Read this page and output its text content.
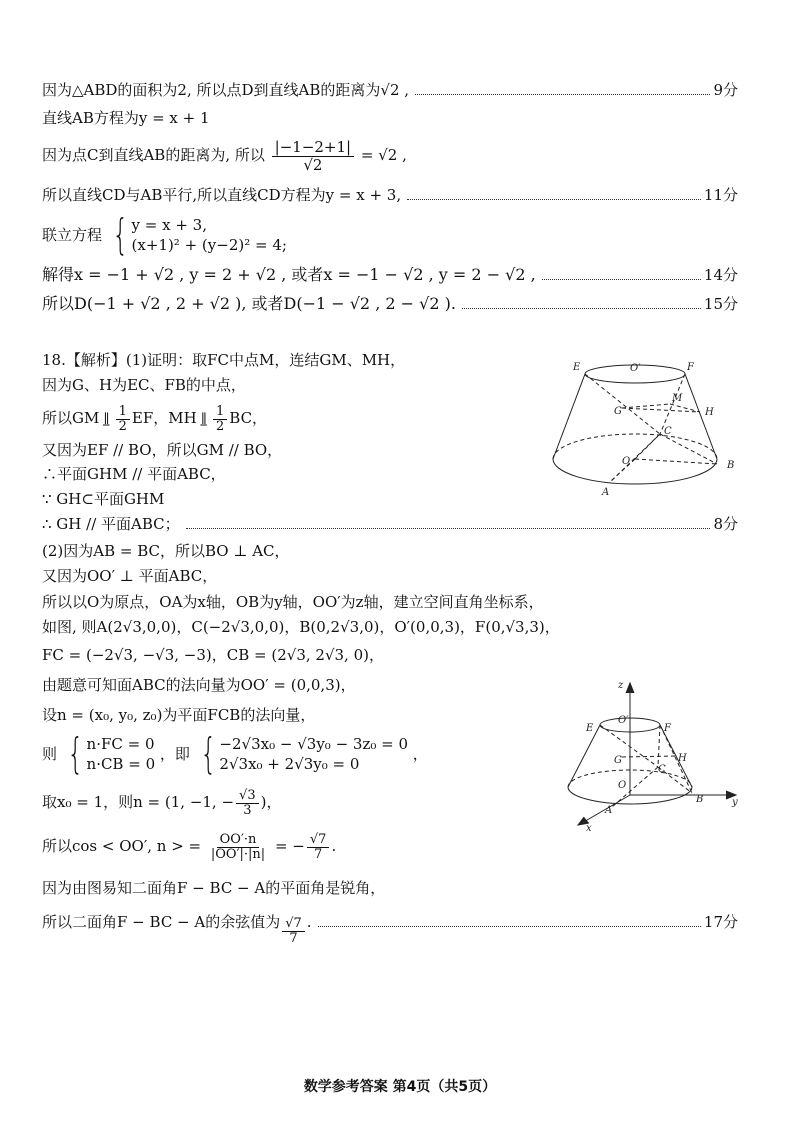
因为△ABD的面积为2, 所以点D到直线AB的距离为√2 ,	9分
直线AB方程为y = x + 1
因为点C到直线AB的距离为, 所以 $\frac{|-1-2+1|}{√2} = √2$ ,
所以直线CD与AB平行,所以直线CD方程为y = x + 3,	11分
联立方程 { y = x + 3,
(x+1)² + (y−2)² = 4;
解得x = −1 + √2 , y = 2 + √2 , 或者x = −1 − √2 , y = 2 − √2 ,	14分
所以D(−1 + √2 , 2 + √2 ), 或者D(−1 − √2 , 2 − √2 ).	15分
18.【解析】(1)证明：取FC中点M，连结GM、MH，
因为G、H为EC、FB的中点，
所以GM ∥̳ $\frac{1}{2}$ EF，MH ∥̳ $\frac{1}{2}$ BC，
又因为EF // BO，所以GM // BO，
∴平面GHM // 平面ABC，
∵ GH⊂平面GHM
∴ GH // 平面ABC；	8分
(2)因为AB = BC，所以BO ⊥ AC，
又因为OO′ ⊥ 平面ABC，
所以以O为原点，OA为x轴，OB为y轴，OO′为z轴，建立空间直角坐标系，
如图, 则A(2√3,0,0)，C(−2√3,0,0)，B(0,2√3,0)，O′(0,0,3)，F(0,√3,3)，
FC = (−2√3, −√3, −3)，CB = (2√3, 2√3, 0)，
由题意可知面ABC的法向量为OO′ = (0,0,3)，
设n = (x₀, y₀, z₀)为平面FCB的法向量，
则 { n·FC = 0
n·CB = 0
，即 { −2√3x₀ − √3y₀ − 3z₀ = 0
2√3x₀ + 2√3y₀ = 0
，
取x₀ = 1，则n = (1, −1, − $\frac{√3}{3}$ )，
所以cos < OO′, n > = $\frac{OO'\cdot n}{|OO'|\cdot|n|}$ = − $\frac{√7}{7}$ .
因为由图易知二面角F − BC − A的平面角是锐角，
所以二面角F − BC − A的余弦值为 $\frac{√7}{7}$ .	17分
E	O′	F
M
G	H
C
O	B
A
z
E
O′
F
G	H
C
O
B
A
y
x
数学参考答案 第4页（共5页）
